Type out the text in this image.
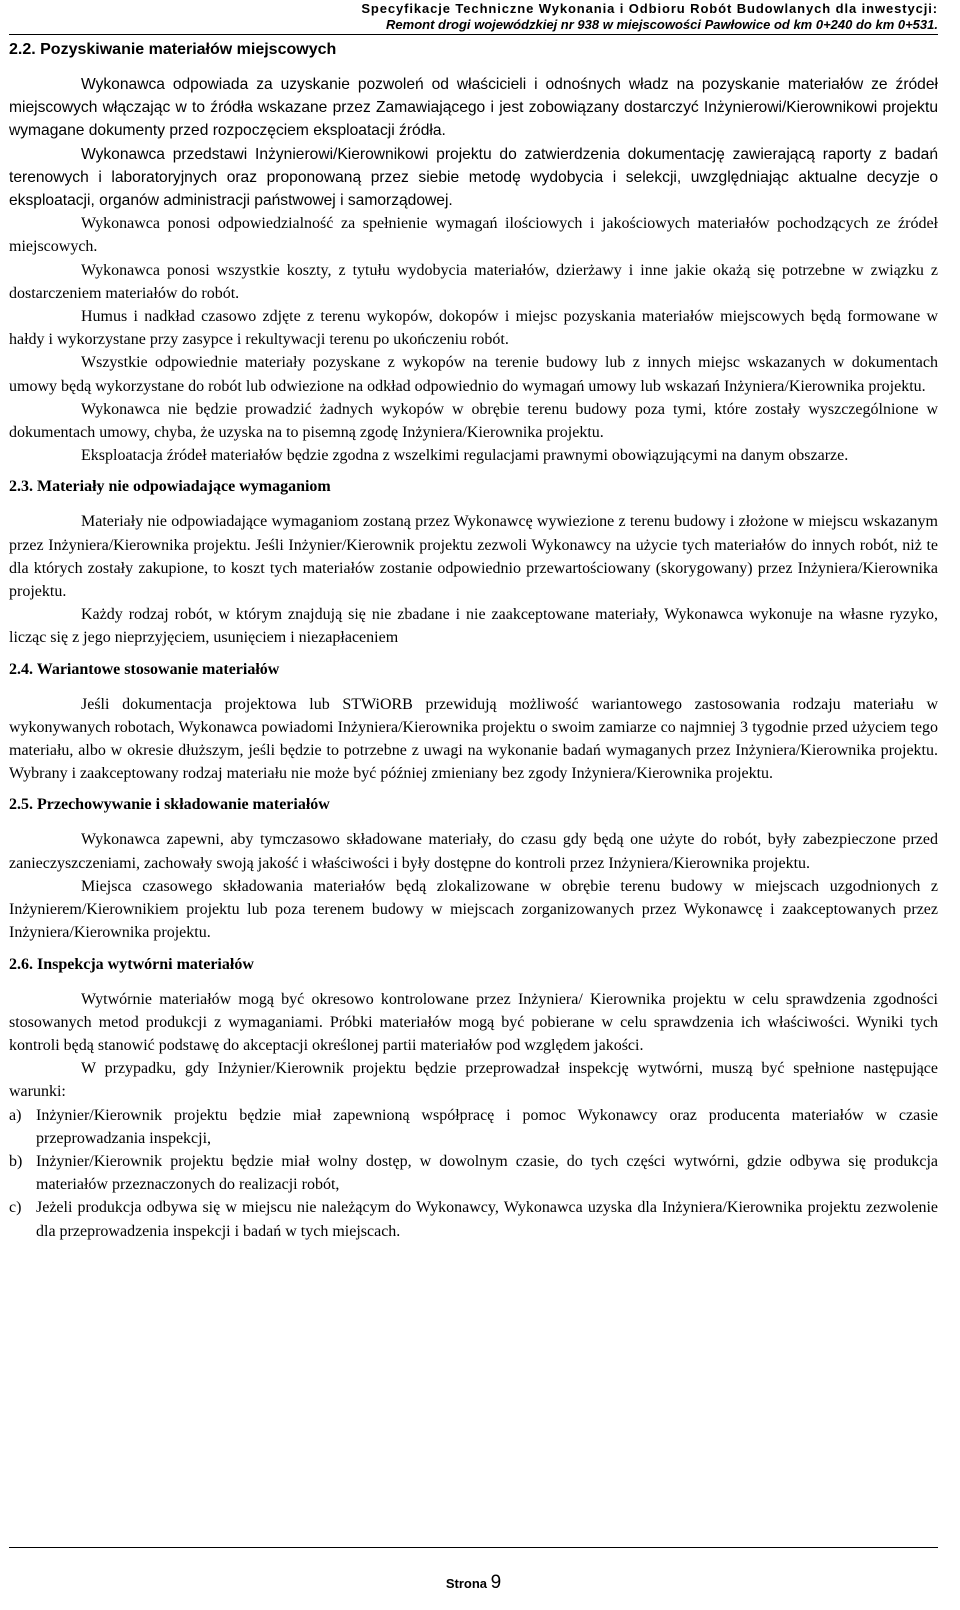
Specyfikacje Techniczne Wykonania i Odbioru Robót Budowlanych dla inwestycji:
Remont drogi wojewódzkiej nr 938 w miejscowości Pawłowice od km 0+240 do km 0+531.
2.2. Pozyskiwanie materiałów miejscowych

Wykonawca odpowiada za uzyskanie pozwoleń od właścicieli i odnośnych władz na pozyskanie materiałów ze źródeł miejscowych włączając w to źródła wskazane przez Zamawiającego i jest zobowiązany dostarczyć Inżynierowi/Kierownikowi projektu wymagane dokumenty przed rozpoczęciem eksploatacji źródła.

Wykonawca przedstawi Inżynierowi/Kierownikowi projektu do zatwierdzenia dokumentację zawierającą raporty z badań terenowych i laboratoryjnych oraz proponowaną przez siebie metodę wydobycia i selekcji, uwzględniając aktualne decyzje o eksploatacji, organów administracji państwowej i samorządowej.

Wykonawca ponosi odpowiedzialność za spełnienie wymagań ilościowych i jakościowych materiałów pochodzących ze źródeł miejscowych.

Wykonawca ponosi wszystkie koszty, z tytułu wydobycia materiałów, dzierżawy i inne jakie okażą się potrzebne w związku z dostarczeniem materiałów do robót.

Humus i nadkład czasowo zdjęte z terenu wykopów, dokopów i miejsc pozyskania materiałów miejscowych będą formowane w hałdy i wykorzystane przy zasypce i rekultywacji terenu po ukończeniu robót.

Wszystkie odpowiednie materiały pozyskane z wykopów na terenie budowy lub z innych miejsc wskazanych w dokumentach umowy będą wykorzystane do robót lub odwiezione na odkład odpowiednio do wymagań umowy lub wskazań Inżyniera/Kierownika projektu.

Wykonawca nie będzie prowadzić żadnych wykopów w obrębie terenu budowy poza tymi, które zostały wyszczególnione w dokumentach umowy, chyba, że uzyska na to pisemną zgodę Inżyniera/Kierownika projektu.

Eksploatacja źródeł materiałów będzie zgodna z wszelkimi regulacjami prawnymi obowiązującymi na danym obszarze.

2.3. Materiały nie odpowiadające wymaganiom

Materiały nie odpowiadające wymaganiom zostaną przez Wykonawcę wywiezione z terenu budowy i złożone w miejscu wskazanym przez Inżyniera/Kierownika projektu. Jeśli Inżynier/Kierownik projektu zezwoli Wykonawcy na użycie tych materiałów do innych robót, niż te dla których zostały zakupione, to koszt tych materiałów zostanie odpowiednio przewartościowany (skorygowany) przez Inżyniera/Kierownika projektu.

Każdy rodzaj robót, w którym znajdują się nie zbadane i nie zaakceptowane materiały, Wykonawca wykonuje na własne ryzyko, licząc się z jego nieprzyjęciem, usunięciem i niezapłaceniem

2.4. Wariantowe stosowanie materiałów

Jeśli dokumentacja projektowa lub STWiORB przewidują możliwość wariantowego zastosowania rodzaju materiału w wykonywanych robotach, Wykonawca powiadomi Inżyniera/Kierownika projektu o swoim zamiarze co najmniej 3 tygodnie przed użyciem tego materiału, albo w okresie dłuższym, jeśli będzie to potrzebne z uwagi na wykonanie badań wymaganych przez Inżyniera/Kierownika projektu. Wybrany i zaakceptowany rodzaj materiału nie może być później zmieniany bez zgody Inżyniera/Kierownika projektu.

2.5. Przechowywanie i składowanie materiałów

Wykonawca zapewni, aby tymczasowo składowane materiały, do czasu gdy będą one użyte do robót, były zabezpieczone przed zanieczyszczeniami, zachowały swoją jakość i właściwości i były dostępne do kontroli przez Inżyniera/Kierownika projektu.

Miejsca czasowego składowania materiałów będą zlokalizowane w obrębie terenu budowy w miejscach uzgodnionych z Inżynierem/Kierownikiem projektu lub poza terenem budowy w miejscach zorganizowanych przez Wykonawcę i zaakceptowanych przez Inżyniera/Kierownika projektu.

2.6. Inspekcja wytwórni materiałów

Wytwórnie materiałów mogą być okresowo kontrolowane przez Inżyniera/ Kierownika projektu w celu sprawdzenia zgodności stosowanych metod produkcji z wymaganiami. Próbki materiałów mogą być pobierane w celu sprawdzenia ich właściwości. Wyniki tych kontroli będą stanowić podstawę do akceptacji określonej partii materiałów pod względem jakości.

W przypadku, gdy Inżynier/Kierownik projektu będzie przeprowadzał inspekcję wytwórni, muszą być spełnione następujące warunki:

a) Inżynier/Kierownik projektu będzie miał zapewnioną współpracę i pomoc Wykonawcy oraz producenta materiałów w czasie przeprowadzania inspekcji,
b) Inżynier/Kierownik projektu będzie miał wolny dostęp, w dowolnym czasie, do tych części wytwórni, gdzie odbywa się produkcja materiałów przeznaczonych do realizacji robót,
c) Jeżeli produkcja odbywa się w miejscu nie należącym do Wykonawcy, Wykonawca uzyska dla Inżyniera/Kierownika projektu zezwolenie dla przeprowadzenia inspekcji i badań w tych miejscach.
Strona 9
